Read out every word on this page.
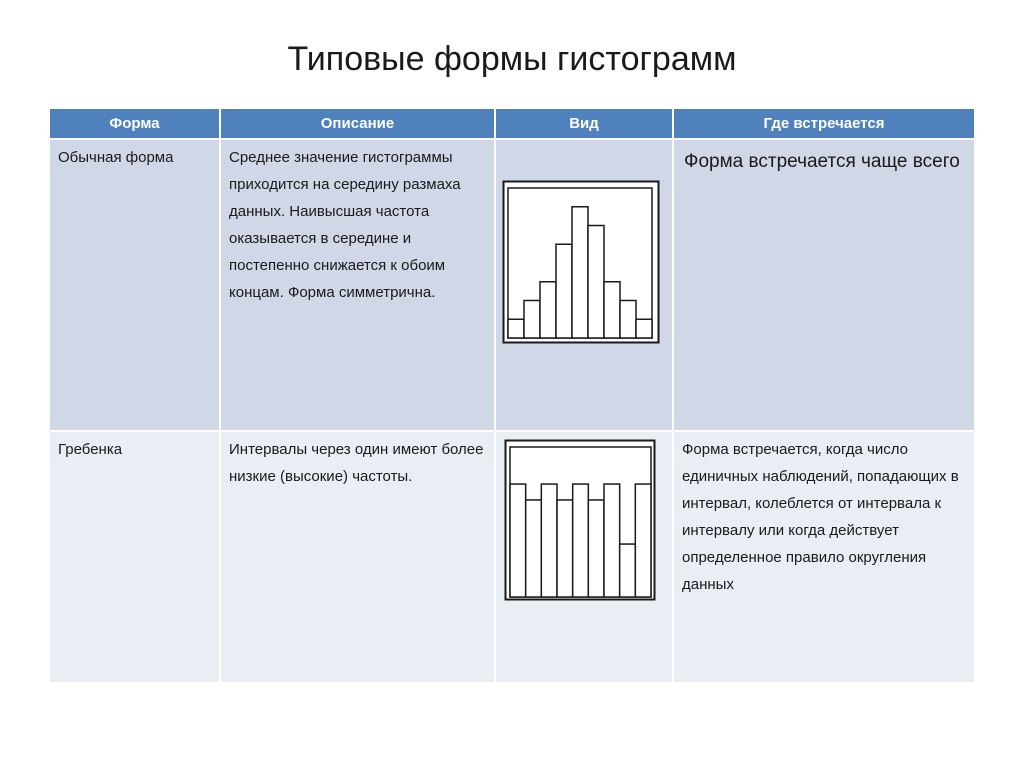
Типовые формы гистограмм
Форма	Описание	Вид	Где встречается

Обычная форма	Среднее значение гистограммы приходится на середину размаха данных. Наивысшая частота оказывается в середине и постепенно снижается к обоим концам. Форма симметрична.		Форма встречается чаще всего

Гребенка	Интервалы через один имеют более низкие (высокие) частоты.		Форма встречается, когда число единичных наблюдений, попадающих в интервал, колеблется от интервала к интервалу или когда действует определенное правило округления данных
